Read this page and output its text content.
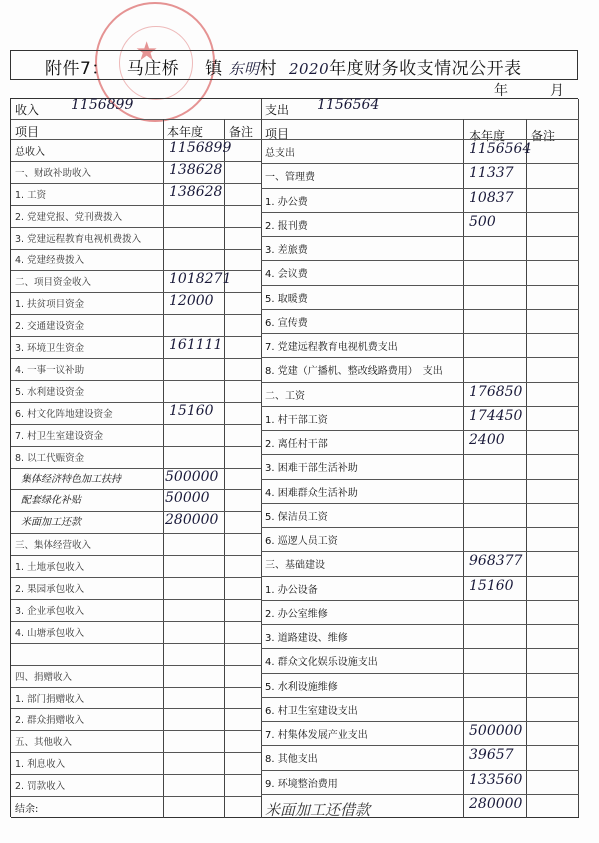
★
附件7： 马庄桥 镇 东明村 2020年度财务收支情况公开表
年	月
收入 1156899	支出 1156564
项目	本年度 备注 项目	本年度 备注
总收入	1156899
一、财政补助收入	138628
1. 工资	138628
2. 党建党报、党刊费拨入
3. 党建远程教育电视机费拨入
4. 党建经费拨入
二、项目资金收入	1018271
1. 扶贫项目资金	12000
2. 交通建设资金
3. 环境卫生资金	161111
4. 一事一议补助
5. 水利建设资金
6. 村文化阵地建设资金	15160
7. 村卫生室建设资金
8. 以工代赈资金
集体经济特色加工扶持	500000
配套绿化补贴	50000
米面加工还款	280000
三、集体经营收入
1. 土地承包收入
2. 果园承包收入
3. 企业承包收入
4. 山塘承包收入
四、捐赠收入
1. 部门捐赠收入
2. 群众捐赠收入
五、其他收入
1. 利息收入
2. 罚款收入
结余:
总支出	1156564
一、管理费	11337
1. 办公费	10837
2. 报刊费	500
3. 差旅费
4. 会议费
5. 取暖费
6. 宣传费
7. 党建远程教育电视机费支出
8. 党建（广播机、整改线路费用）　支出
二、工资	176850
1. 村干部工资	174450
2. 离任村干部	2400
3. 困难干部生活补助
4. 困难群众生活补助
5. 保洁员工资
6. 巡逻人员工资
三、基础建设	968377
1. 办公设备	15160
2. 办公室维修
3. 道路建设、维修
4. 群众文化娱乐设施支出
5. 水利设施维修
6. 村卫生室建设支出
7. 村集体发展产业支出	500000
8. 其他支出	39657
9. 环境整治费用	133560
米面加工还借款	280000
